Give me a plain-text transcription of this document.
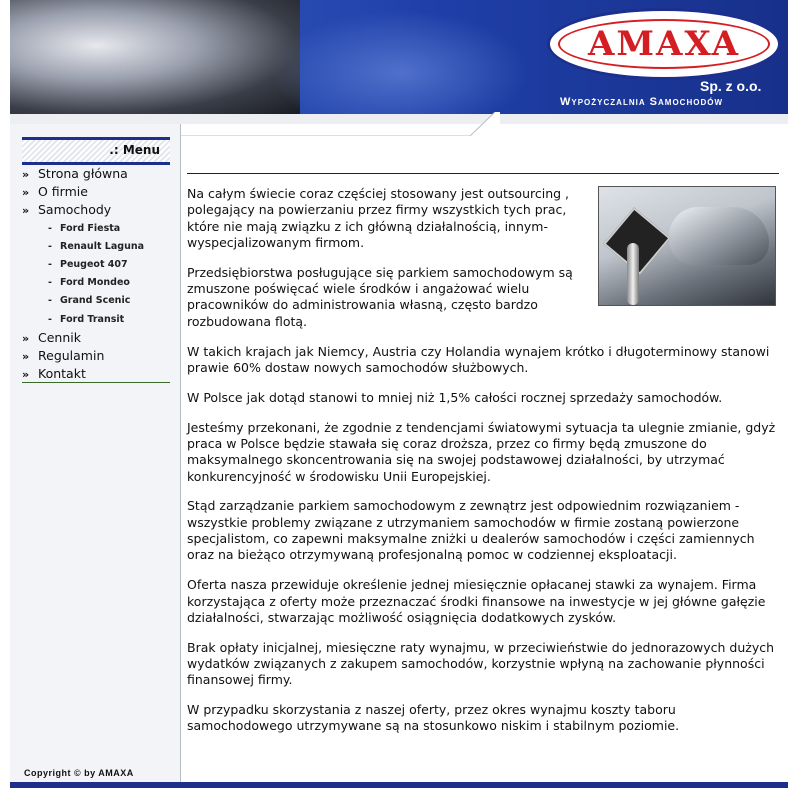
AMAXA
Sp. z o.o.
Wypożyczalnia Samochodów
.: Menu
» Strona główna
» O firmie
» Samochody
- Ford Fiesta
- Renault Laguna
- Peugeot 407
- Ford Mondeo
- Grand Scenic
- Ford Transit
» Cennik
» Regulamin
» Kontakt
Copyright © by AMAXA

Na całym świecie coraz częściej stosowany jest outsourcing , polegający na powierzaniu przez firmy wszystkich tych prac, które nie mają związku z ich główną działalnością, innym-wyspecjalizowanym firmom.

Przedsiębiorstwa posługujące się parkiem samochodowym są zmuszone poświęcać wiele środków i angażować wielu pracowników do administrowania własną, często bardzo rozbudowana flotą.

W takich krajach jak Niemcy, Austria czy Holandia wynajem krótko i długoterminowy stanowi prawie 60% dostaw nowych samochodów służbowych.

W Polsce jak dotąd stanowi to mniej niż 1,5% całości rocznej sprzedaży samochodów.

Jesteśmy przekonani, że zgodnie z tendencjami światowymi sytuacja ta ulegnie zmianie, gdyż praca w Polsce będzie stawała się coraz droższa, przez co firmy będą zmuszone do maksymalnego skoncentrowania się na swojej podstawowej działalności, by utrzymać konkurencyjność w środowisku Unii Europejskiej.

Stąd zarządzanie parkiem samochodowym z zewnątrz jest odpowiednim rozwiązaniem - wszystkie problemy związane z utrzymaniem samochodów w firmie zostaną powierzone specjalistom, co zapewni maksymalne zniżki u dealerów samochodów i części zamiennych oraz na bieżąco otrzymywaną profesjonalną pomoc w codziennej eksploatacji.

Oferta nasza przewiduje określenie jednej miesięcznie opłacanej stawki za wynajem. Firma korzystająca z oferty może przeznaczać środki finansowe na inwestycje w jej główne gałęzie działalności, stwarzając możliwość osiągnięcia dodatkowych zysków.

Brak opłaty inicjalnej, miesięczne raty wynajmu, w przeciwieństwie do jednorazowych dużych wydatków związanych z zakupem samochodów, korzystnie wpłyną na zachowanie płynności finansowej firmy.

W przypadku skorzystania z naszej oferty, przez okres wynajmu koszty taboru samochodowego utrzymywane są na stosunkowo niskim i stabilnym poziomie.
